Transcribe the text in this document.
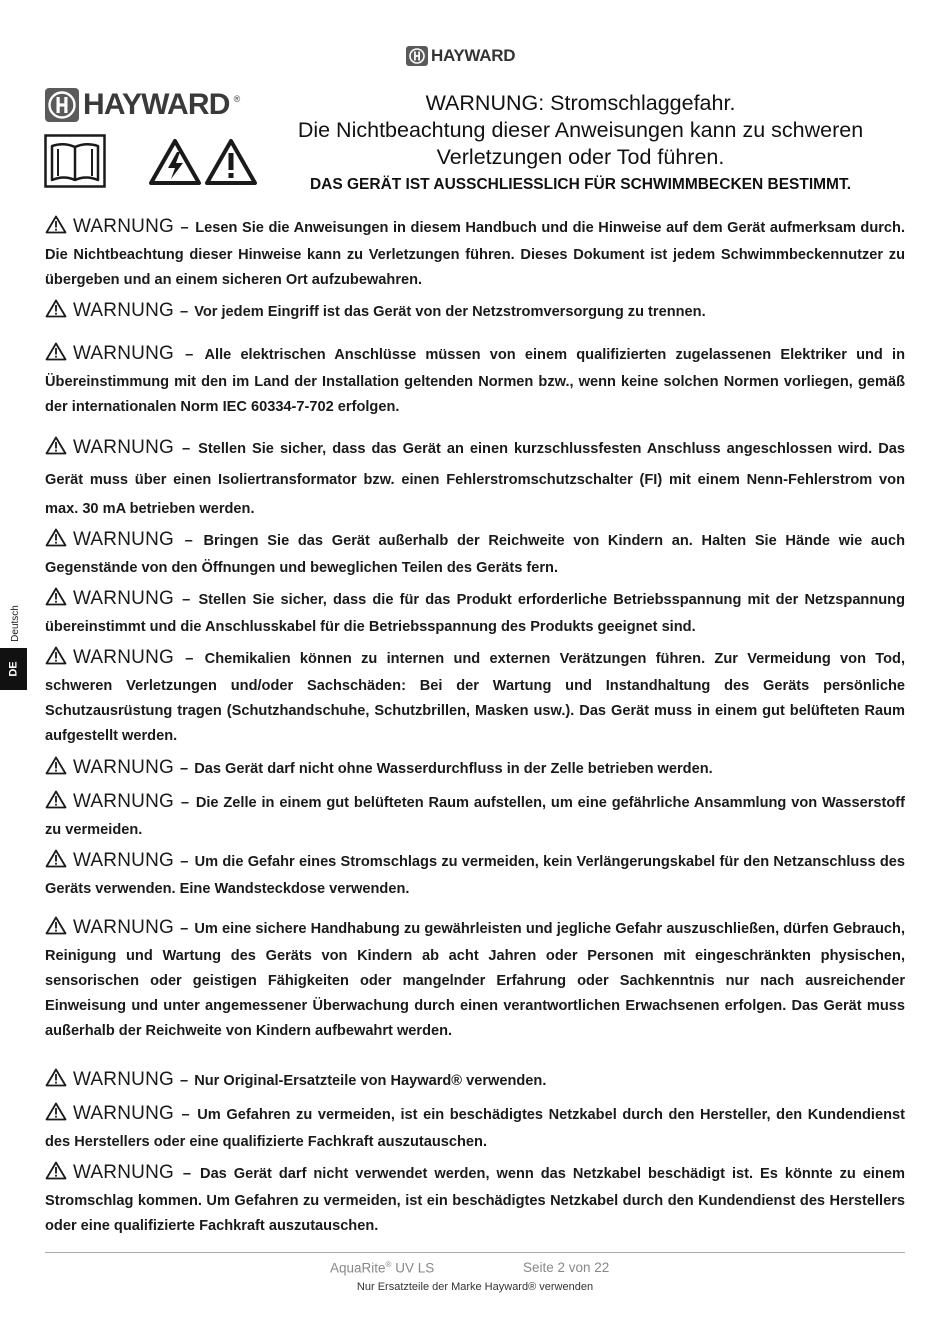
HAYWARD
HAYWARD ®	WARNUNG: Stromschlaggefahr.
Die Nichtbeachtung dieser Anweisungen kann zu schweren
Verletzungen oder Tod führen.
DAS GERÄT IST AUSSCHLIESSLICH FÜR SCHWIMMBECKEN BESTIMMT.

WARNUNG – Lesen Sie die Anweisungen in diesem Handbuch und die Hinweise auf dem Gerät aufmerksam durch. Die Nichtbeachtung dieser Hinweise kann zu Verletzungen führen. Dieses Dokument ist jedem Schwimmbeckennutzer zu übergeben und an einem sicheren Ort aufzubewahren.

WARNUNG – Vor jedem Eingriff ist das Gerät von der Netzstromversorgung zu trennen.

WARNUNG – Alle elektrischen Anschlüsse müssen von einem qualifizierten zugelassenen Elektriker und in Übereinstimmung mit den im Land der Installation geltenden Normen bzw., wenn keine solchen Normen vorliegen, gemäß der internationalen Norm IEC 60334-7-702 erfolgen.

WARNUNG – Stellen Sie sicher, dass das Gerät an einen kurzschlussfesten Anschluss angeschlossen wird. Das Gerät muss über einen Isoliertransformator bzw. einen Fehlerstromschutzschalter (FI) mit einem Nenn-Fehlerstrom von max. 30 mA betrieben werden.

WARNUNG – Bringen Sie das Gerät außerhalb der Reichweite von Kindern an. Halten Sie Hände wie auch Gegenstände von den Öffnungen und beweglichen Teilen des Geräts fern.

WARNUNG – Stellen Sie sicher, dass die für das Produkt erforderliche Betriebsspannung mit der Netzspannung übereinstimmt und die Anschlusskabel für die Betriebsspannung des Produkts geeignet sind.

WARNUNG – Chemikalien können zu internen und externen Verätzungen führen. Zur Vermeidung von Tod, schweren Verletzungen und/oder Sachschäden: Bei der Wartung und Instandhaltung des Geräts persönliche Schutzausrüstung tragen (Schutzhandschuhe, Schutzbrillen, Masken usw.). Das Gerät muss in einem gut belüfteten Raum aufgestellt werden.

WARNUNG – Das Gerät darf nicht ohne Wasserdurchfluss in der Zelle betrieben werden.

WARNUNG – Die Zelle in einem gut belüfteten Raum aufstellen, um eine gefährliche Ansammlung von Wasserstoff zu vermeiden.

WARNUNG – Um die Gefahr eines Stromschlags zu vermeiden, kein Verlängerungskabel für den Netzanschluss des Geräts verwenden. Eine Wandsteckdose verwenden.

WARNUNG – Um eine sichere Handhabung zu gewährleisten und jegliche Gefahr auszuschließen, dürfen Gebrauch, Reinigung und Wartung des Geräts von Kindern ab acht Jahren oder Personen mit eingeschränkten physischen, sensorischen oder geistigen Fähigkeiten oder mangelnder Erfahrung oder Sachkenntnis nur nach ausreichender Einweisung und unter angemessener Überwachung durch einen verantwortlichen Erwachsenen erfolgen. Das Gerät muss außerhalb der Reichweite von Kindern aufbewahrt werden.

WARNUNG – Nur Original-Ersatzteile von Hayward® verwenden.

WARNUNG – Um Gefahren zu vermeiden, ist ein beschädigtes Netzkabel durch den Hersteller, den Kundendienst des Herstellers oder eine qualifizierte Fachkraft auszutauschen.

WARNUNG – Das Gerät darf nicht verwendet werden, wenn das Netzkabel beschädigt ist. Es könnte zu einem Stromschlag kommen. Um Gefahren zu vermeiden, ist ein beschädigtes Netzkabel durch den Kundendienst des Herstellers oder eine qualifizierte Fachkraft auszutauschen.

Deutsch
DE
AquaRite® UV LS	Seite 2 von 22
Nur Ersatzteile der Marke Hayward® verwenden
